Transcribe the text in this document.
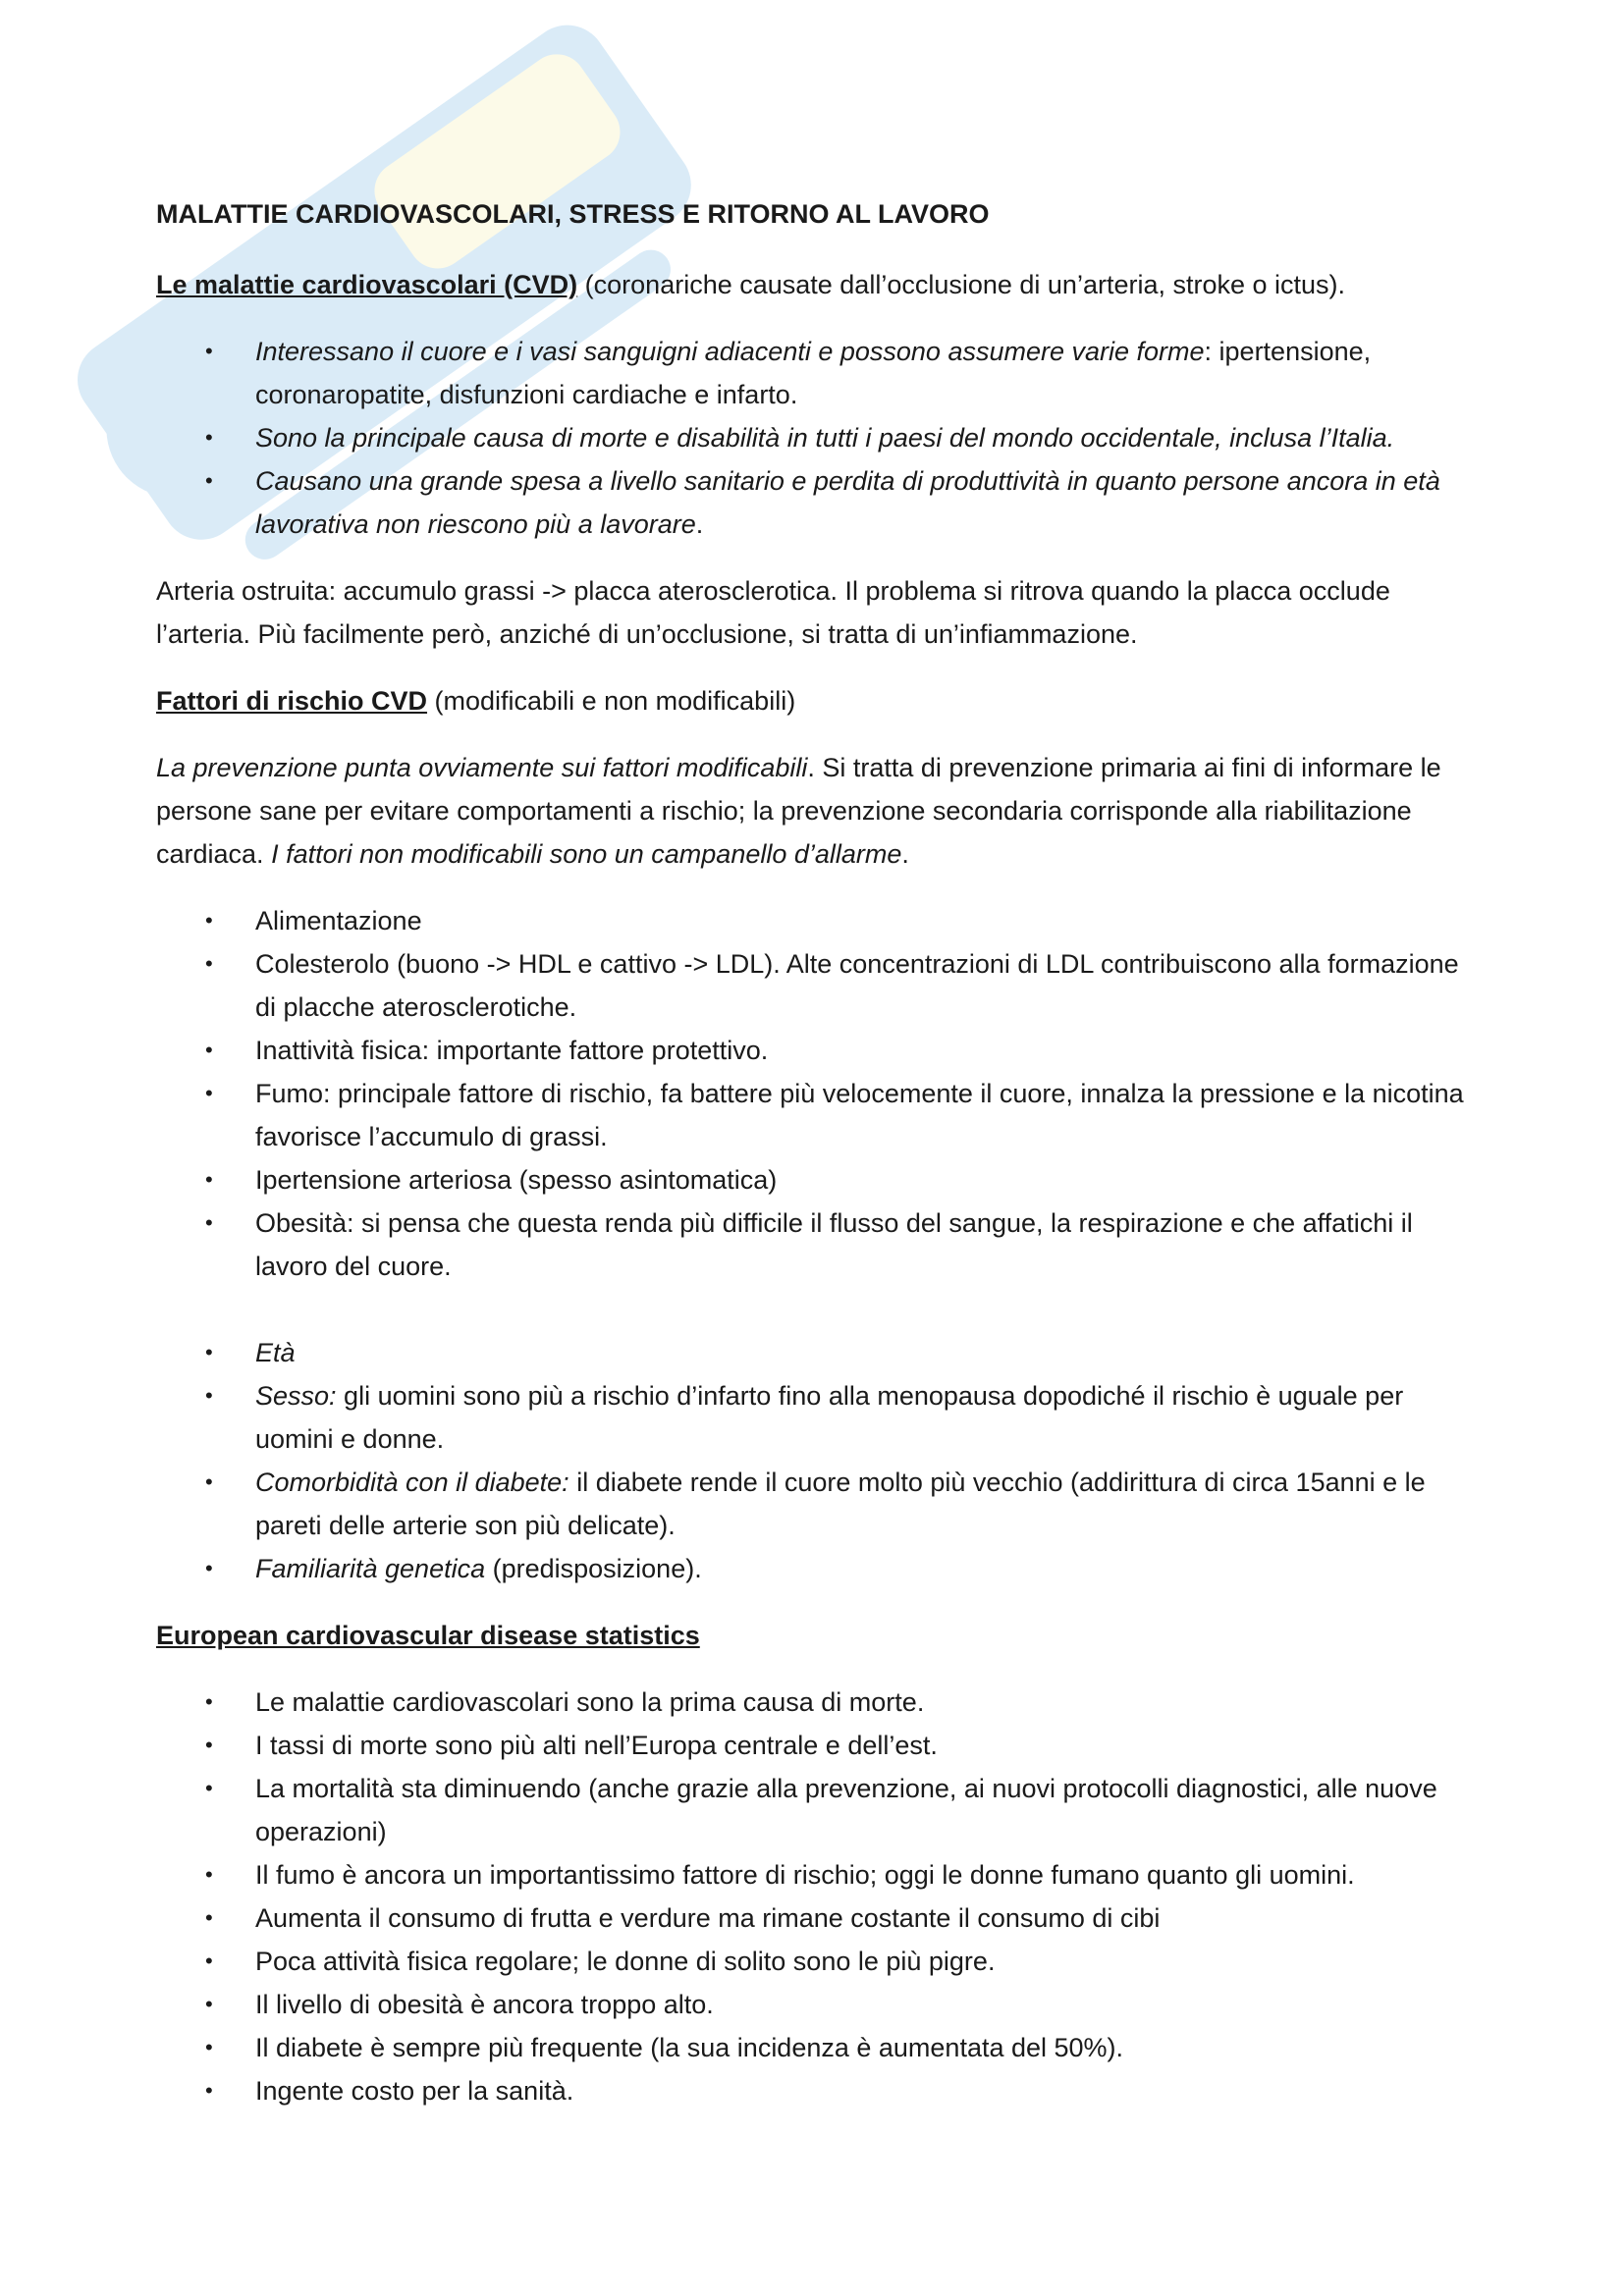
MALATTIE CARDIOVASCOLARI, STRESS E RITORNO AL LAVORO
Le malattie cardiovascolari (CVD) (coronariche causate dall’occlusione di un’arteria, stroke o ictus).
• Interessano il cuore e i vasi sanguigni adiacenti e possono assumere varie forme: ipertensione, coronaropatite, disfunzioni cardiache e infarto.
• Sono la principale causa di morte e disabilità in tutti i paesi del mondo occidentale, inclusa l’Italia.
• Causano una grande spesa a livello sanitario e perdita di produttività in quanto persone ancora in età lavorativa non riescono più a lavorare.

Arteria ostruita: accumulo grassi -> placca aterosclerotica. Il problema si ritrova quando la placca occlude l’arteria. Più facilmente però, anziché di un’occlusione, si tratta di un’infiammazione.

Fattori di rischio CVD (modificabili e non modificabili)

La prevenzione punta ovviamente sui fattori modificabili. Si tratta di prevenzione primaria ai fini di informare le persone sane per evitare comportamenti a rischio; la prevenzione secondaria corrisponde alla riabilitazione cardiaca. I fattori non modificabili sono un campanello d’allarme.

• Alimentazione
• Colesterolo (buono -> HDL e cattivo -> LDL). Alte concentrazioni di LDL contribuiscono alla formazione di placche aterosclerotiche.
• Inattività fisica: importante fattore protettivo.
• Fumo: principale fattore di rischio, fa battere più velocemente il cuore, innalza la pressione e la nicotina favorisce l’accumulo di grassi.
• Ipertensione arteriosa (spesso asintomatica)
• Obesità: si pensa che questa renda più difficile il flusso del sangue, la respirazione e che affatichi il lavoro del cuore.
• Età
• Sesso: gli uomini sono più a rischio d’infarto fino alla menopausa dopodiché il rischio è uguale per uomini e donne.
• Comorbidità con il diabete: il diabete rende il cuore molto più vecchio (addirittura di circa 15anni e le pareti delle arterie son più delicate).
• Familiarità genetica (predisposizione).
European cardiovascular disease statistics
• Le malattie cardiovascolari sono la prima causa di morte.
• I tassi di morte sono più alti nell’Europa centrale e dell’est.
• La mortalità sta diminuendo (anche grazie alla prevenzione, ai nuovi protocolli diagnostici, alle nuove operazioni)
• Il fumo è ancora un importantissimo fattore di rischio; oggi le donne fumano quanto gli uomini.
• Aumenta il consumo di frutta e verdure ma rimane costante il consumo di cibi
• Poca attività fisica regolare; le donne di solito sono le più pigre.
• Il livello di obesità è ancora troppo alto.
• Il diabete è sempre più frequente (la sua incidenza è aumentata del 50%).
• Ingente costo per la sanità.
